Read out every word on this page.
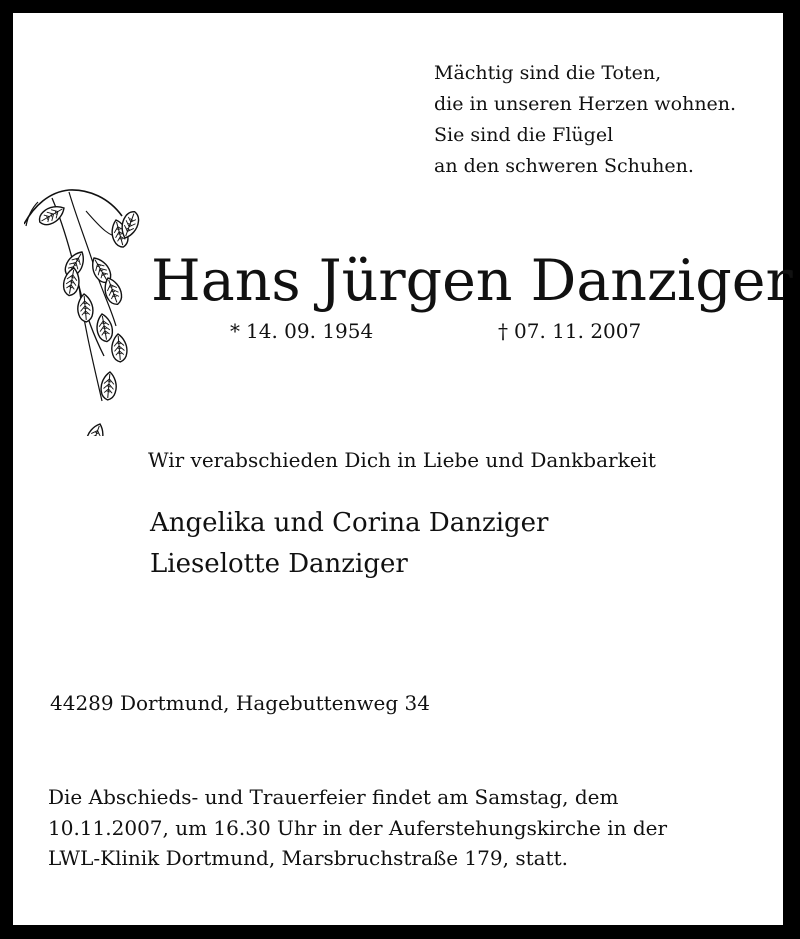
Mächtig sind die Toten,
die in unseren Herzen wohnen.
Sie sind die Flügel
an den schweren Schuhen.
Hans Jürgen Danziger
* 14. 09. 1954	† 07. 11. 2007
Wir verabschieden Dich in Liebe und Dankbarkeit
Angelika und Corina Danziger
Lieselotte Danziger
44289 Dortmund, Hagebuttenweg 34
Die Abschieds- und Trauerfeier findet am Samstag, dem
10.11.2007, um 16.30 Uhr in der Auferstehungskirche in der
LWL-Klinik Dortmund, Marsbruchstraße 179, statt.
